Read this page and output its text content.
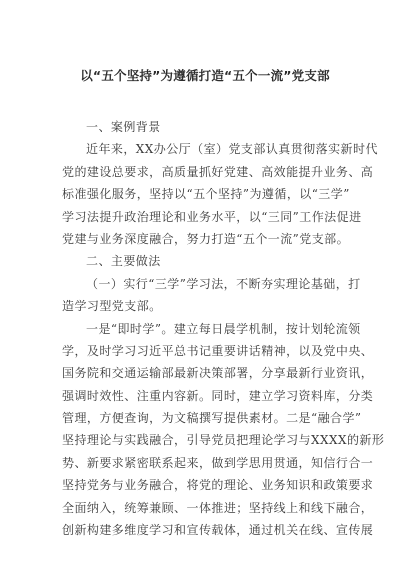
以“五个坚持”为遵循打造“五个一流”党支部
一、案例背景
近年来，XX办公厅（室）党支部认真贯彻落实新时代
党的建设总要求，高质量抓好党建、高效能提升业务、高
标准强化服务，坚持以“五个坚持”为遵循，以“三学”
学习法提升政治理论和业务水平，以“三同”工作法促进
党建与业务深度融合，努力打造“五个一流”党支部。
二、主要做法
（一）实行“三学”学习法，不断夯实理论基础，打
造学习型党支部。
一是“即时学”。建立每日晨学机制，按计划轮流领
学，及时学习习近平总书记重要讲话精神，以及党中央、
国务院和交通运输部最新决策部署，分享最新行业资讯，
强调时效性、注重内容新。同时，建立学习资料库，分类
管理，方便查询，为文稿撰写提供素材。二是“融合学”
坚持理论与实践融合，引导党员把理论学习与XXXX的新形
势、新要求紧密联系起来，做到学思用贯通，知信行合一
坚持党务与业务融合，将党的理论、业务知识和政策要求
全面纳入，统筹兼顾、一体推进；坚持线上和线下融合，
创新构建多维度学习和宣传载体，通过机关在线、宣传展
